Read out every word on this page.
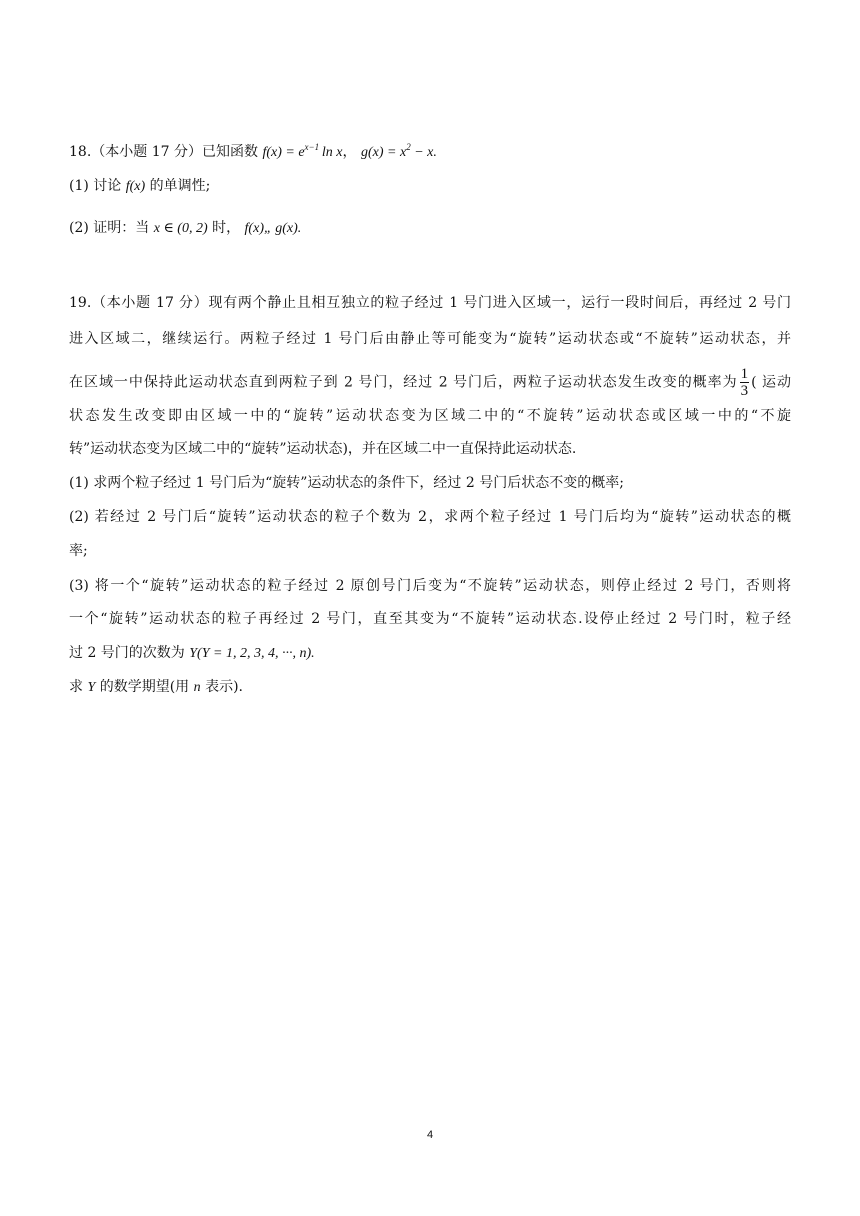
18.（本小题 17 分）已知函数 $f(x) = e^{x-1}$  ln x， $g(x) = x^2 - x$.
(1) 讨论 f(x) 的单调性;
(2) 证明：当 x ∈ (0, 2) 时， f(x)„ g(x).
19.（本小题 17 分）现有两个静止且相互独立的粒子经过 1 号门进入区域一，运行一段时间后，再经过 2 号门
进入区域二，继续运行。两粒子经过 1 号门后由静止等可能变为“旋转”运动状态或“不旋转”运动状态，并
在区域一中保持此运动状态直到两粒子到 2 号门，经过 2 号门后，两粒子运动状态发生改变的概率为 $\frac{1}{3}$ ( 运动
状态发生改变即由区域一中的“旋转”运动状态变为区域二中的“不旋转”运动状态或区域一中的“不旋
转”运动状态变为区域二中的“旋转”运动状态)，并在区域二中一直保持此运动状态.
(1) 求两个粒子经过 1 号门后为“旋转”运动状态的条件下，经过 2 号门后状态不变的概率;
(2) 若经过 2 号门后“旋转”运动状态的粒子个数为 2，求两个粒子经过 1 号门后均为“旋转”运动状态的概
率;
(3) 将一个“旋转”运动状态的粒子经过 2 原创号门后变为“不旋转”运动状态，则停止经过 2 号门，否则将
一个“旋转”运动状态的粒子再经过 2 号门，直至其变为“不旋转”运动状态.设停止经过 2 号门时，粒子经
过 2 号门的次数为 Y(Y = 1, 2, 3, 4, ···, n).
求 Y 的数学期望(用 n 表示).
4
